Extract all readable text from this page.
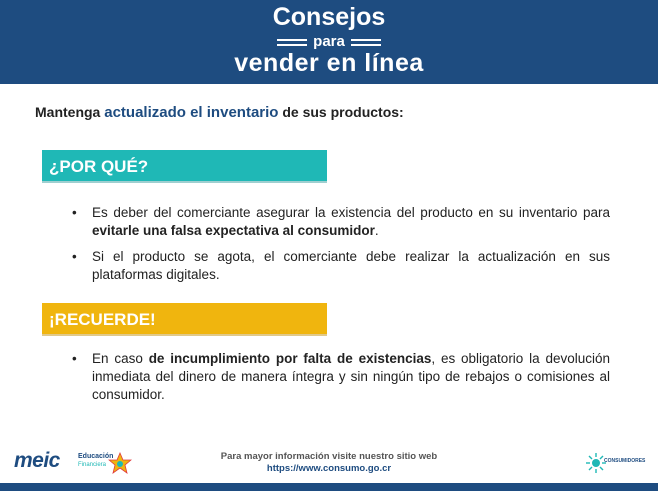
Consejos
para
vender en línea
Mantenga actualizado el inventario de sus productos:
¿POR QUÉ?
• Es deber del comerciante asegurar la existencia del producto en su inventario para evitarle una falsa expectativa al consumidor.
• Si el producto se agota, el comerciante debe realizar la actualización en sus plataformas digitales.
¡RECUERDE!
• En caso de incumplimiento por falta de existencias, es obligatorio la devolución inmediata del dinero de manera íntegra y sin ningún tipo de rebajos o comisiones al consumidor.
meic
	Educación
Financiera
Para mayor información visite nuestro sitio web
https://www.consumo.go.cr
CONSUMIDORES
